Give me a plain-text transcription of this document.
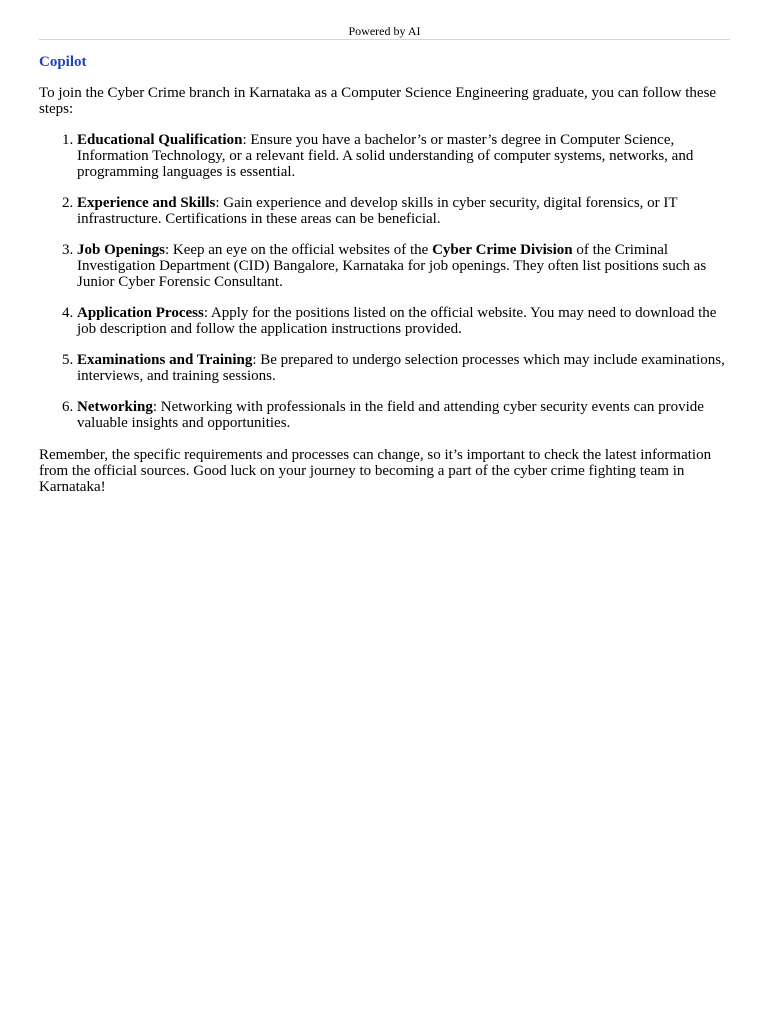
Powered by AI
Copilot

To join the Cyber Crime branch in Karnataka as a Computer Science Engineering graduate, you can follow these steps:

1. Educational Qualification: Ensure you have a bachelor’s or master’s degree in Computer Science, Information Technology, or a relevant field. A solid understanding of computer systems, networks, and programming languages is essential.
2. Experience and Skills: Gain experience and develop skills in cyber security, digital forensics, or IT infrastructure. Certifications in these areas can be beneficial.
3. Job Openings: Keep an eye on the official websites of the Cyber Crime Division of the Criminal Investigation Department (CID) Bangalore, Karnataka for job openings. They often list positions such as Junior Cyber Forensic Consultant.
4. Application Process: Apply for the positions listed on the official website. You may need to download the job description and follow the application instructions provided.
5. Examinations and Training: Be prepared to undergo selection processes which may include examinations, interviews, and training sessions.
6. Networking: Networking with professionals in the field and attending cyber security events can provide valuable insights and opportunities.

Remember, the specific requirements and processes can change, so it’s important to check the latest information from the official sources. Good luck on your journey to becoming a part of the cyber crime fighting team in Karnataka!
